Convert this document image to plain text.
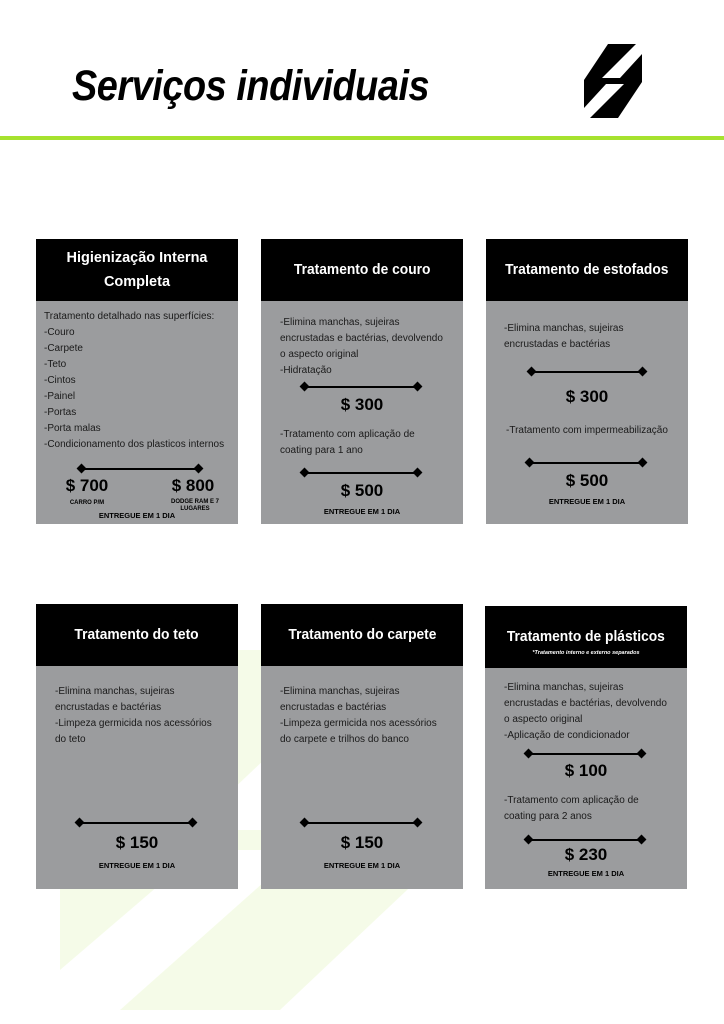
Serviços individuais
Higienização Interna Completa
Tratamento detalhado nas superfícies:
-Couro
-Carpete
-Teto
-Cintos
-Painel
-Portas
-Porta malas
-Condicionamento dos plasticos internos
$ 700	$ 800
CARRO P/M	DODGE RAM E 7 LUGARES
ENTREGUE EM 1 DIA
Tratamento de couro
-Elimina manchas, sujeiras
encrustadas e bactérias, devolvendo
o aspecto original
-Hidratação
$ 300
-Tratamento com aplicação de
coating para 1 ano
$ 500
ENTREGUE EM 1 DIA
Tratamento de estofados
-Elimina manchas, sujeiras
encrustadas e bactérias
$ 300
-Tratamento com impermeabilização
$ 500
ENTREGUE EM 1 DIA
Tratamento do teto
-Elimina manchas, sujeiras
encrustadas e bactérias
-Limpeza germicida nos acessórios
do teto
$ 150
ENTREGUE EM 1 DIA
Tratamento do carpete
-Elimina manchas, sujeiras
encrustadas e bactérias
-Limpeza germicida nos acessórios
do carpete e trilhos do banco
$ 150
ENTREGUE EM 1 DIA
Tratamento de plásticos
*Tratamento interno e externo separados
-Elimina manchas, sujeiras
encrustadas e bactérias, devolvendo
o aspecto original
-Aplicação de condicionador
$ 100
-Tratamento com aplicação de
coating para 2 anos
$ 230
ENTREGUE EM 1 DIA
